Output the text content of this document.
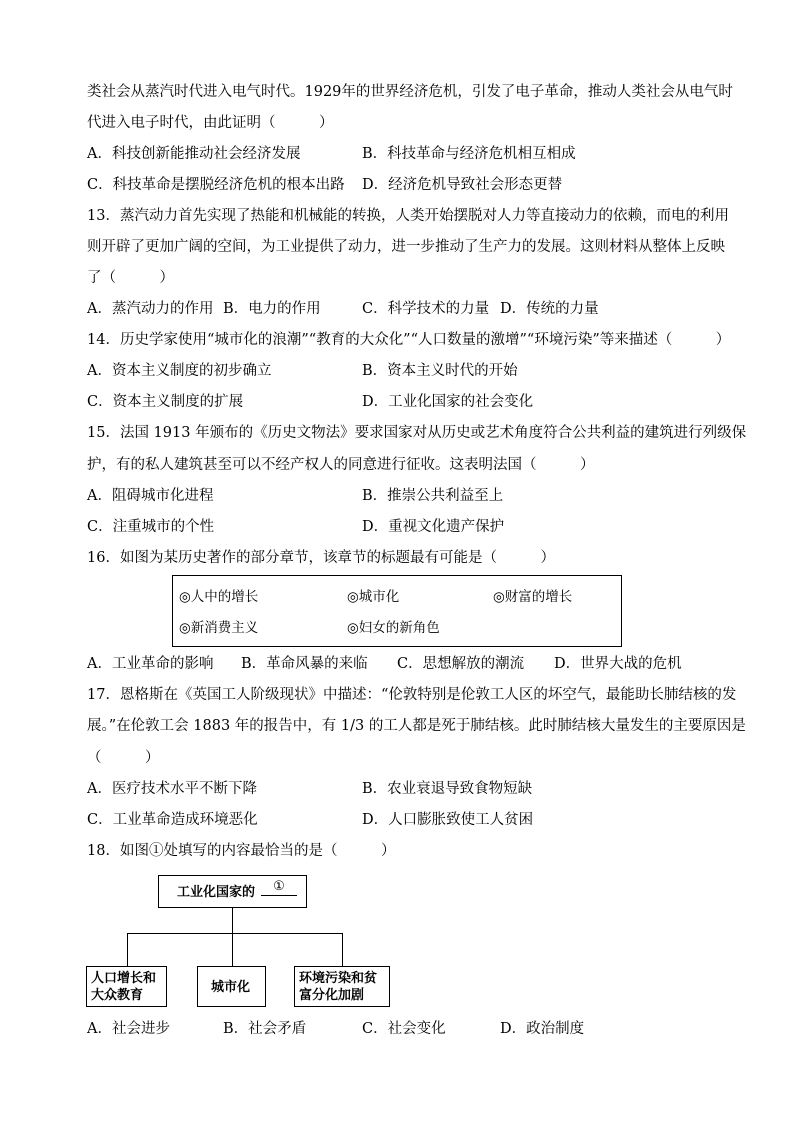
类社会从蒸汽时代进入电气时代。1929年的世界经济危机，引发了电子革命，推动人类社会从电气时
代进入电子时代，由此证明（　　　）
A．科技创新能推动社会经济发展	B．科技革命与经济危机相互相成
C．科技革命是摆脱经济危机的根本出路 D．经济危机导致社会形态更替
13．蒸汽动力首先实现了热能和机械能的转换，人类开始摆脱对人力等直接动力的依赖，而电的利用
则开辟了更加广阔的空间，为工业提供了动力，进一步推动了生产力的发展。这则材料从整体上反映
了（　　　）
A．蒸汽动力的作用 B．电力的作用	C．科学技术的力量 D．传统的力量
14．历史学家使用“城市化的浪潮”“教育的大众化”“人口数量的激增”“环境污染”等来描述（　　　）
A．资本主义制度的初步确立	B．资本主义时代的开始
C．资本主义制度的扩展	D．工业化国家的社会变化
15．法国 1913 年颁布的《历史文物法》要求国家对从历史或艺术角度符合公共利益的建筑进行列级保
护，有的私人建筑甚至可以不经产权人的同意进行征收。这表明法国（　　　）
A．阻碍城市化进程	B．推崇公共利益至上
C．注重城市的个性	D．重视文化遗产保护
16．如图为某历史著作的部分章节，该章节的标题最有可能是（　　　）
◎人中的增长	◎城市化	◎财富的增长
◎新消费主义	◎妇女的新角色
A．工业革命的影响 B．革命风暴的来临 C．思想解放的潮流 D．世界大战的危机
17．恩格斯在《英国工人阶级现状》中描述：“伦敦特别是伦敦工人区的坏空气，最能助长肺结核的发
展。”在伦敦工会 1883 年的报告中，有 1/3 的工人都是死于肺结核。此时肺结核大量发生的主要原因是
（　　　）
A．医疗技术水平不断下降	B．农业衰退导致食物短缺
C．工业革命造成环境恶化	D．人口膨胀致使工人贫困
18．如图①处填写的内容最恰当的是（　　　）
工业化国家的	①
人口增长和
大众教育
城市化
环境污染和贫
富分化加剧
A．社会进步	B．社会矛盾	C．社会变化	D．政治制度
